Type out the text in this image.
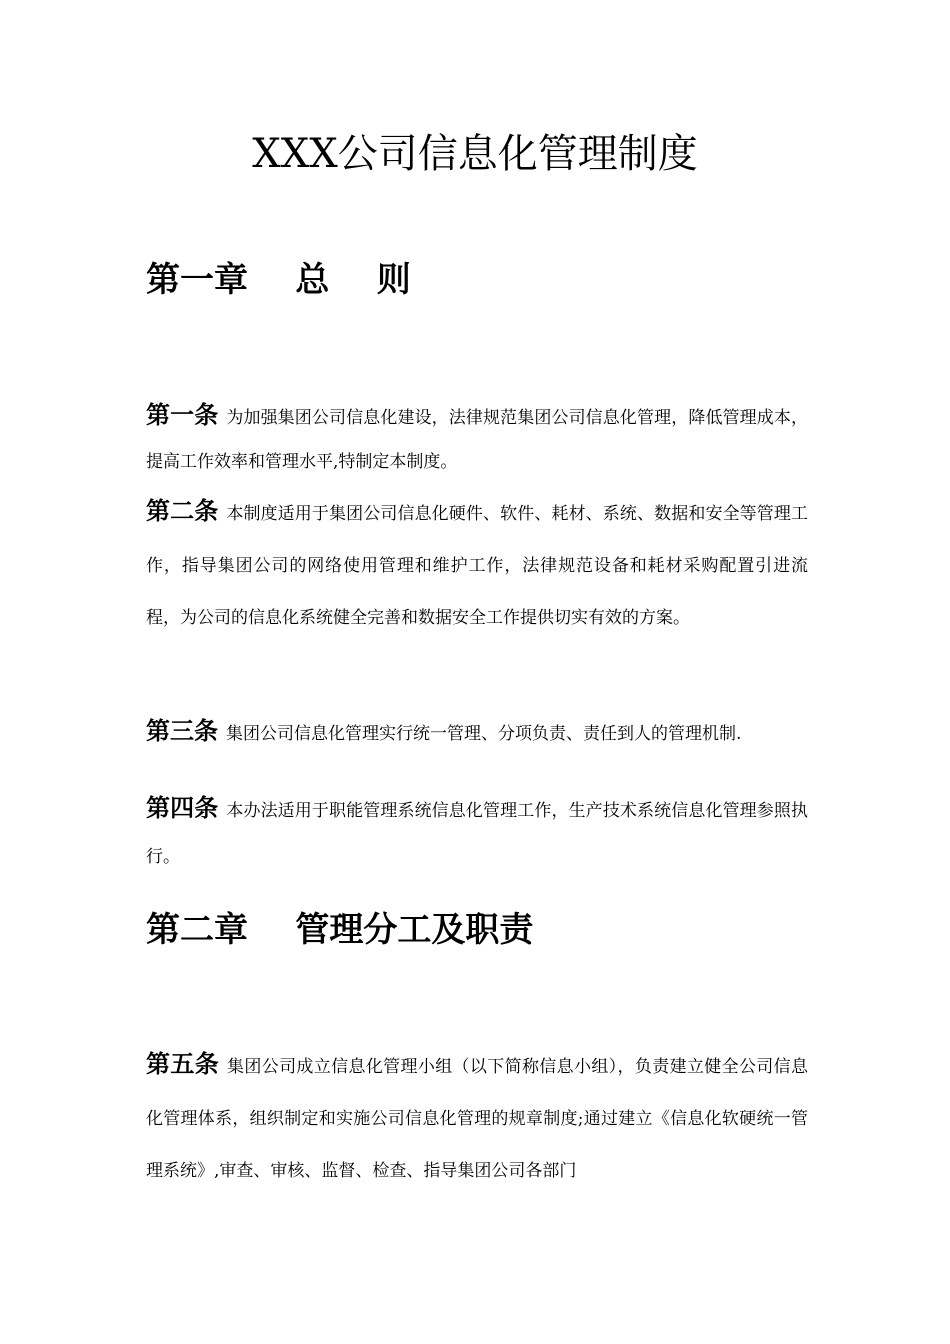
XXX公司信息化管理制度
第一章    总    则

第一条 为加强集团公司信息化建设，法律规范集团公司信息化管理，降低管理成本，提高工作效率和管理水平,特制定本制度。

第二条 本制度适用于集团公司信息化硬件、软件、耗材、系统、数据和安全等管理工作，指导集团公司的网络使用管理和维护工作，法律规范设备和耗材采购配置引进流程，为公司的信息化系统健全完善和数据安全工作提供切实有效的方案。

第三条 集团公司信息化管理实行统一管理、分项负责、责任到人的管理机制.

第四条 本办法适用于职能管理系统信息化管理工作，生产技术系统信息化管理参照执行。

第二章    管理分工及职责

第五条 集团公司成立信息化管理小组（以下简称信息小组），负责建立健全公司信息化管理体系，组织制定和实施公司信息化管理的规章制度;通过建立《信息化软硬统一管理系统》,审查、审核、监督、检查、指导集团公司各部门
